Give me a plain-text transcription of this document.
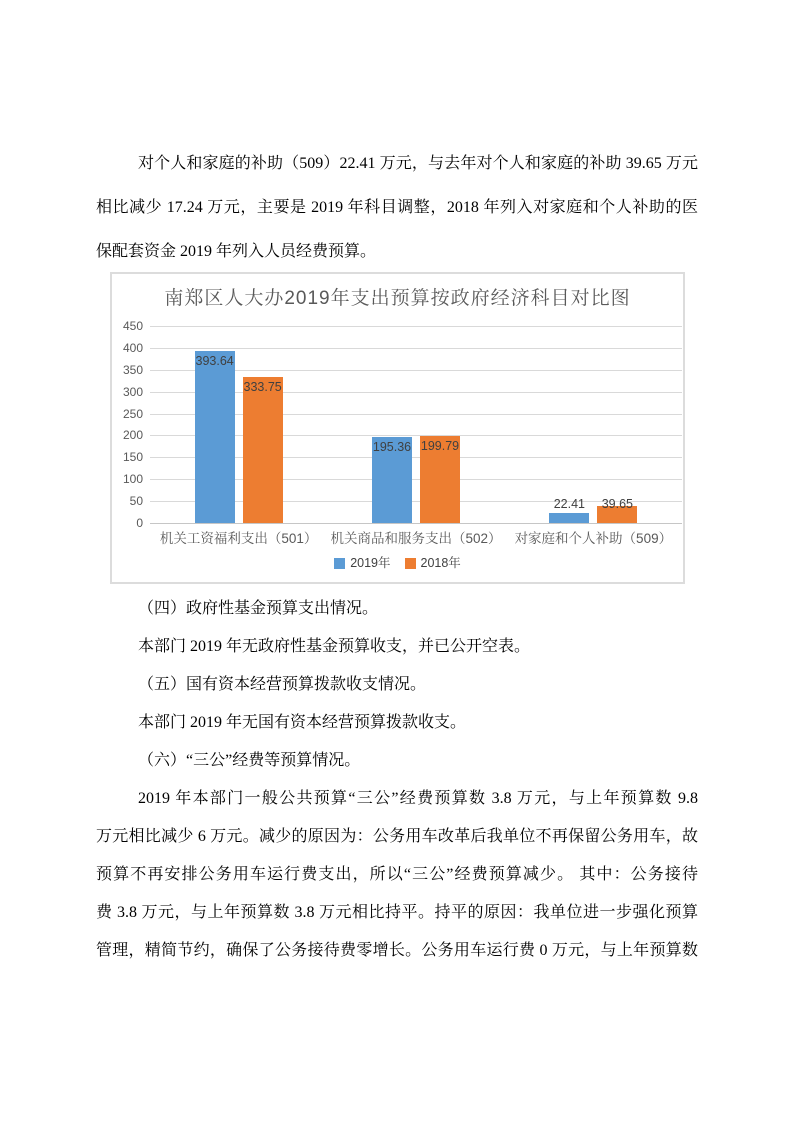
对个人和家庭的补助（509）22.41 万元，与去年对个人和家庭的补助 39.65 万元
相比减少 17.24 万元，主要是 2019 年科目调整，2018 年列入对家庭和个人补助的医
保配套资金 2019 年列入人员经费预算。
南郑区人大办2019年支出预算按政府经济科目对比图
2019年 2018年
0
50
100
150
200
250
300
350
400
450
机关工资福利支出（501）
393.64
333.75
机关商品和服务支出（502）
195.36 199.79
对家庭和个人补助（509）
22.41	39.65
（四）政府性基金预算支出情况。
本部门 2019 年无政府性基金预算收支，并已公开空表。
（五）国有资本经营预算拨款收支情况。
本部门 2019 年无国有资本经营预算拨款收支。
（六）“三公”经费等预算情况。
2019 年本部门一般公共预算“三公”经费预算数 3.8 万元，与上年预算数 9.8
万元相比减少 6 万元。减少的原因为：公务用车改革后我单位不再保留公务用车，故
预算不再安排公务用车运行费支出，所以“三公”经费预算减少。 其中：公务接待
费 3.8 万元，与上年预算数 3.8 万元相比持平。持平的原因：我单位进一步强化预算
管理，精简节约，确保了公务接待费零增长。公务用车运行费 0 万元，与上年预算数
